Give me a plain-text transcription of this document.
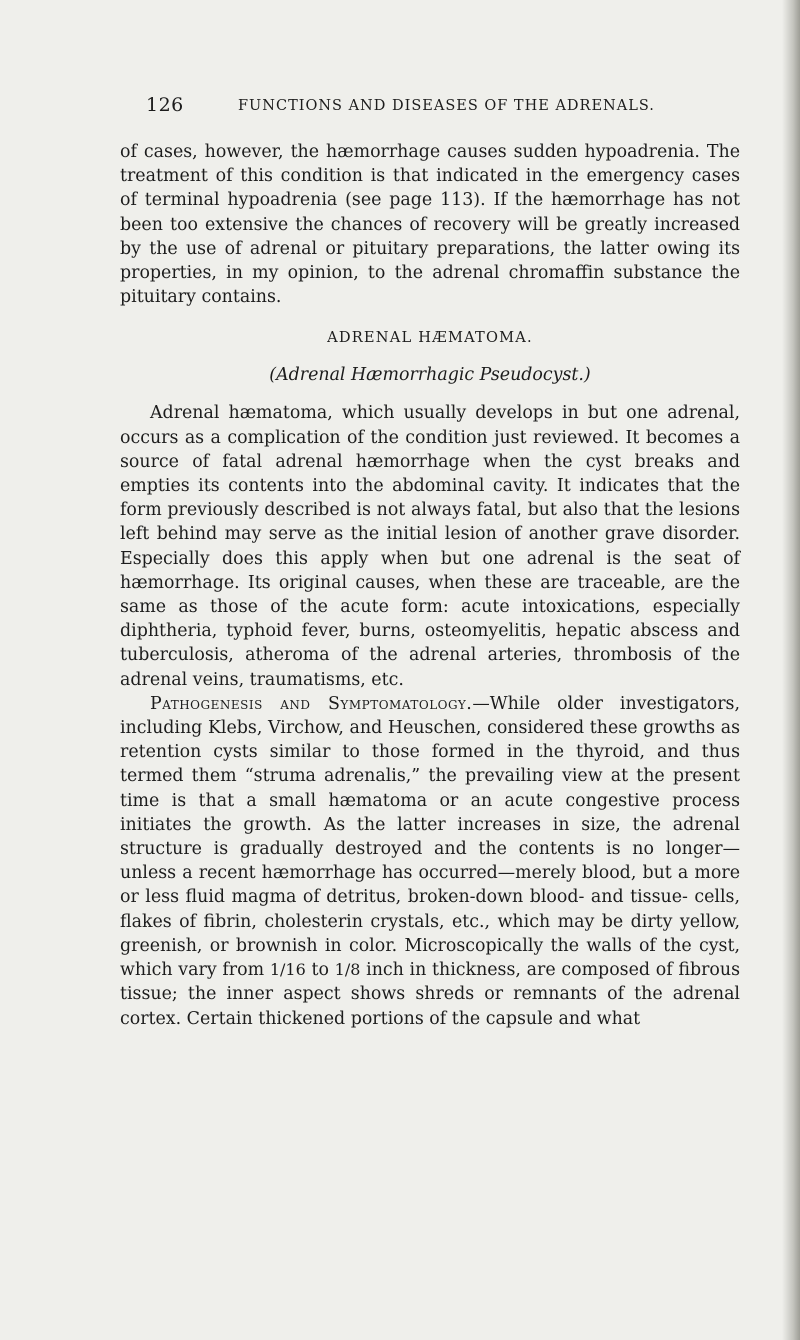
126	FUNCTIONS AND DISEASES OF THE ADRENALS.

of cases, however, the hæmorrhage causes sudden hypoadrenia. The treatment of this condition is that indicated in the emergency cases of terminal hypoadrenia (see page 113). If the hæmorrhage has not been too extensive the chances of recovery will be greatly increased by the use of adrenal or pituitary preparations, the latter owing its properties, in my opinion, to the adrenal chromaffin substance the pituitary contains.

ADRENAL HÆMATOMA.
(Adrenal Hæmorrhagic Pseudocyst.)

Adrenal hæmatoma, which usually develops in but one adrenal, occurs as a complication of the condition just reviewed. It becomes a source of fatal adrenal hæmorrhage when the cyst breaks and empties its contents into the abdominal cavity. It indicates that the form previously described is not always fatal, but also that the lesions left behind may serve as the initial lesion of another grave disorder. Especially does this apply when but one adrenal is the seat of hæmorrhage. Its original causes, when these are traceable, are the same as those of the acute form: acute intoxications, especially diphtheria, typhoid fever, burns, osteomyelitis, hepatic abscess and tuberculosis, atheroma of the adrenal arteries, thrombosis of the adrenal veins, traumatisms, etc.

Pathogenesis and Symptomatology.—While older investigators, including Klebs, Virchow, and Heuschen, considered these growths as retention cysts similar to those formed in the thyroid, and thus termed them “struma adrenalis,” the prevailing view at the present time is that a small hæmatoma or an acute congestive process initiates the growth. As the latter increases in size, the adrenal structure is gradually destroyed and the contents is no longer—unless a recent hæmorrhage has occurred—merely blood, but a more or less fluid magma of detritus, broken-down blood- and tissue- cells, flakes of fibrin, cholesterin crystals, etc., which may be dirty yellow, greenish, or brownish in color. Microscopically the walls of the cyst, which vary from 1/16 to 1/8 inch in thickness, are composed of fibrous tissue; the inner aspect shows shreds or remnants of the adrenal cortex. Certain thickened portions of the capsule and what
